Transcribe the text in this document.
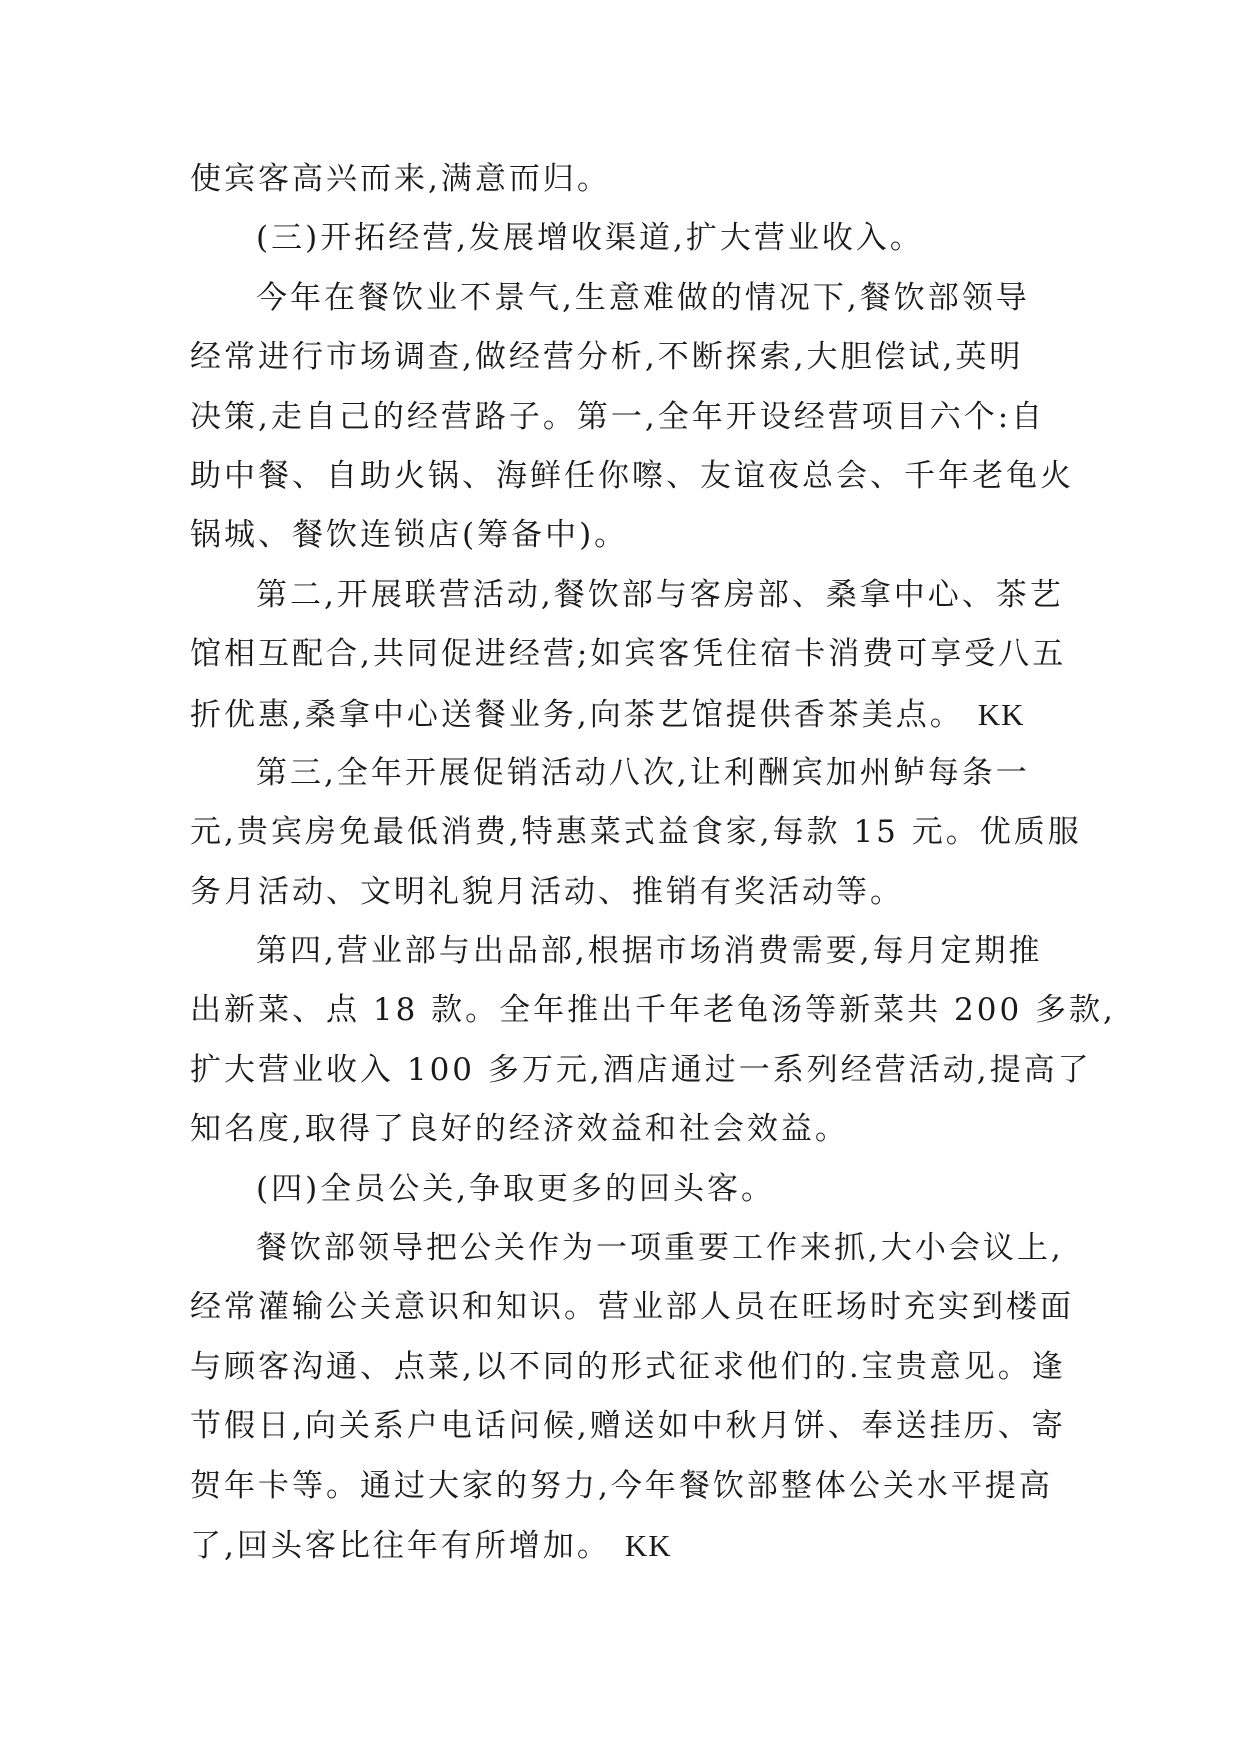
使宾客高兴而来,满意而归。
(三)开拓经营,发展增收渠道,扩大营业收入。
今年在餐饮业不景气,生意难做的情况下,餐饮部领导
经常进行市场调查,做经营分析,不断探索,大胆偿试,英明
决策,走自己的经营路子。第一,全年开设经营项目六个:自
助中餐、自助火锅、海鲜任你嚓、友谊夜总会、千年老龟火
锅城、餐饮连锁店(筹备中)。
第二,开展联营活动,餐饮部与客房部、桑拿中心、茶艺
馆相互配合,共同促进经营;如宾客凭住宿卡消费可享受八五
折优惠,桑拿中心送餐业务,向茶艺馆提供香茶美点。 KK
第三,全年开展促销活动八次,让利酬宾加州鲈每条一
元,贵宾房免最低消费,特惠菜式益食家,每款 15 元。优质服
务月活动、文明礼貌月活动、推销有奖活动等。
第四,营业部与出品部,根据市场消费需要,每月定期推
出新菜、点 18 款。全年推出千年老龟汤等新菜共 200 多款,
扩大营业收入 100 多万元,酒店通过一系列经营活动,提高了
知名度,取得了良好的经济效益和社会效益。
(四)全员公关,争取更多的回头客。
餐饮部领导把公关作为一项重要工作来抓,大小会议上,
经常灌输公关意识和知识。营业部人员在旺场时充实到楼面
与顾客沟通、点菜,以不同的形式征求他们的.宝贵意见。逢
节假日,向关系户电话问候,赠送如中秋月饼、奉送挂历、寄
贺年卡等。通过大家的努力,今年餐饮部整体公关水平提高
了,回头客比往年有所增加。 KK
